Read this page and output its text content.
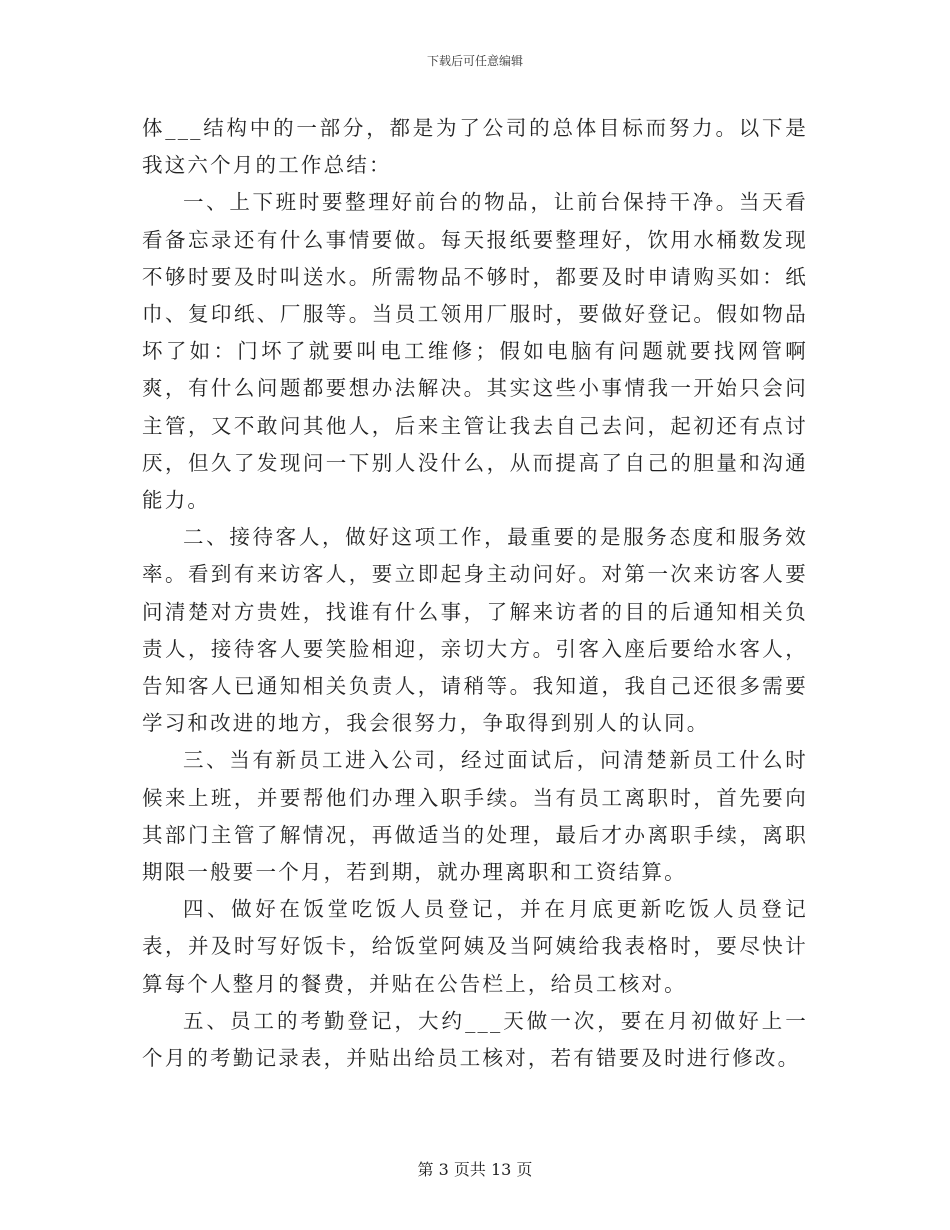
下载后可任意编辑

体___结构中的一部分，都是为了公司的总体目标而努力。以下是我这六个月的工作总结：

一、上下班时要整理好前台的物品，让前台保持干净。当天看看备忘录还有什么事情要做。每天报纸要整理好，饮用水桶数发现不够时要及时叫送水。所需物品不够时，都要及时申请购买如：纸巾、复印纸、厂服等。当员工领用厂服时，要做好登记。假如物品坏了如：门坏了就要叫电工维修；假如电脑有问题就要找网管啊爽，有什么问题都要想办法解决。其实这些小事情我一开始只会问主管，又不敢问其他人，后来主管让我去自己去问，起初还有点讨厌，但久了发现问一下别人没什么，从而提高了自己的胆量和沟通能力。

二、接待客人，做好这项工作，最重要的是服务态度和服务效率。看到有来访客人，要立即起身主动问好。对第一次来访客人要问清楚对方贵姓，找谁有什么事，了解来访者的目的后通知相关负责人，接待客人要笑脸相迎，亲切大方。引客入座后要给水客人，告知客人已通知相关负责人，请稍等。我知道，我自己还很多需要学习和改进的地方，我会很努力，争取得到别人的认同。

三、当有新员工进入公司，经过面试后，问清楚新员工什么时候来上班，并要帮他们办理入职手续。当有员工离职时，首先要向其部门主管了解情况，再做适当的处理，最后才办离职手续，离职期限一般要一个月，若到期，就办理离职和工资结算。

四、做好在饭堂吃饭人员登记，并在月底更新吃饭人员登记表，并及时写好饭卡，给饭堂阿姨及当阿姨给我表格时，要尽快计算每个人整月的餐费，并贴在公告栏上，给员工核对。

五、员工的考勤登记，大约___天做一次，要在月初做好上一个月的考勤记录表，并贴出给员工核对，若有错要及时进行修改。

第 3 页共 13 页
